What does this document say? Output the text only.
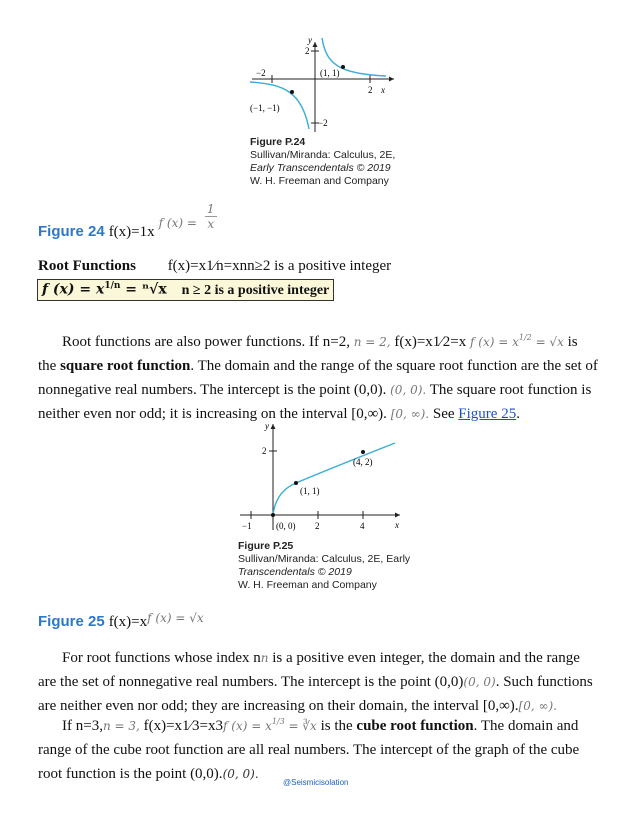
y
2
−2
2 x
−2
(1, 1)
(−1, −1)
Figure P.24
Sullivan/Miranda: Calculus, 2E,
Early Transcendentals © 2019
W. H. Freeman and Company
Figure 24 f(x)=1x $_{f (x) =} \frac{1}{x}$
Root Functions f(x)=x1⁄n=xnn≥2 is a positive integer
f $(x) = x^{1/n} = ^n√x$ n ≥ 2 is a positive integer
Root functions are also power functions. If n=2, n = 2, f(x)=x1⁄2=x f $(x) = x^{1/2} = √x$ is
the square root function. The domain and the range of the square root function are the set of
nonnegative real numbers. The intercept is the point (0,0). (0, 0). The square root function is
neither even nor odd; it is increasing on the interval [0,∞). [0, ∞). See Figure 25.
y
2
−1	2	4	x
(1, 1)
(4, 2)
(0, 0)
Figure P.25
Sullivan/Miranda: Calculus, 2E, Early
Transcendentals © 2019
W. H. Freeman and Company
Figure 25 $f(x)=x^{f (x) = √x}$
For root functions whose index nn is a positive even integer, the domain and the range
are the set of nonnegative real numbers. The intercept is the point (0,0)(0, 0). Such functions
are neither even nor odd; they are increasing on their domain, the interval [0,∞).[0, ∞).
If n=3,n = 3, f(x)=x1⁄3=x3f $(x) = x^{1/3}$ = ∛x is the cube root function. The domain and
range of the cube root function are all real numbers. The intercept of the graph of the cube
root function is the point (0,0).(0, 0).
@Seismicisolation
